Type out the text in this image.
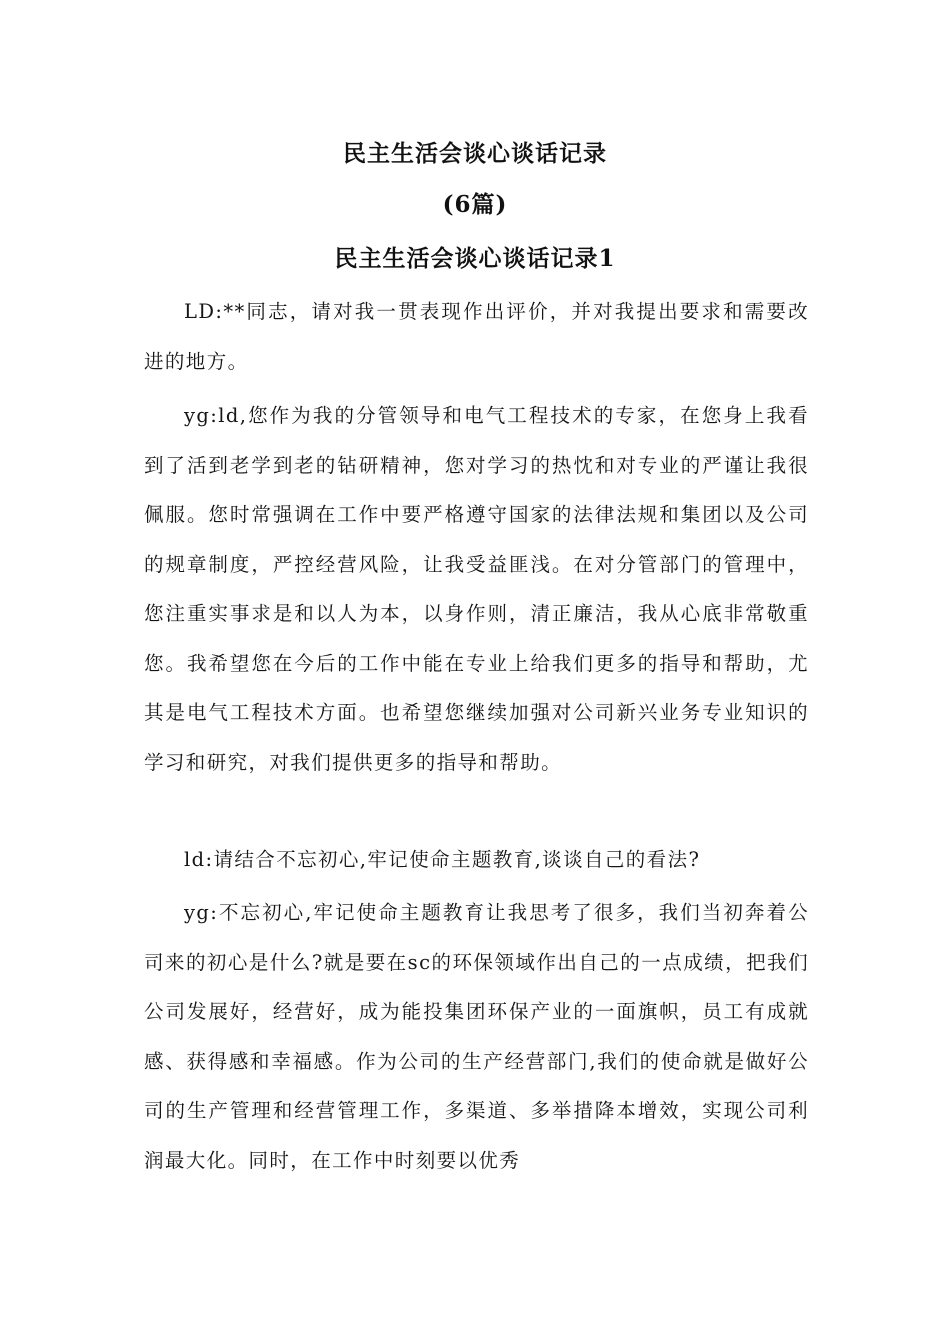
民主生活会谈心谈话记录
(6篇)
民主生活会谈心谈话记录1

LD:**同志，请对我一贯表现作出评价，并对我提出要求和需要改进的地方。

yg:ld,您作为我的分管领导和电气工程技术的专家，在您身上我看到了活到老学到老的钻研精神，您对学习的热忱和对专业的严谨让我很佩服。您时常强调在工作中要严格遵守国家的法律法规和集团以及公司的规章制度，严控经营风险，让我受益匪浅。在对分管部门的管理中，您注重实事求是和以人为本，以身作则，清正廉洁，我从心底非常敬重您。我希望您在今后的工作中能在专业上给我们更多的指导和帮助，尤其是电气工程技术方面。也希望您继续加强对公司新兴业务专业知识的学习和研究，对我们提供更多的指导和帮助。

ld:请结合不忘初心,牢记使命主题教育,谈谈自己的看法?

yg:不忘初心,牢记使命主题教育让我思考了很多，我们当初奔着公司来的初心是什么?就是要在sc的环保领域作出自己的一点成绩，把我们公司发展好，经营好，成为能投集团环保产业的一面旗帜，员工有成就感、获得感和幸福感。作为公司的生产经营部门,我们的使命就是做好公司的生产管理和经营管理工作，多渠道、多举措降本增效，实现公司利润最大化。同时，在工作中时刻要以优秀
